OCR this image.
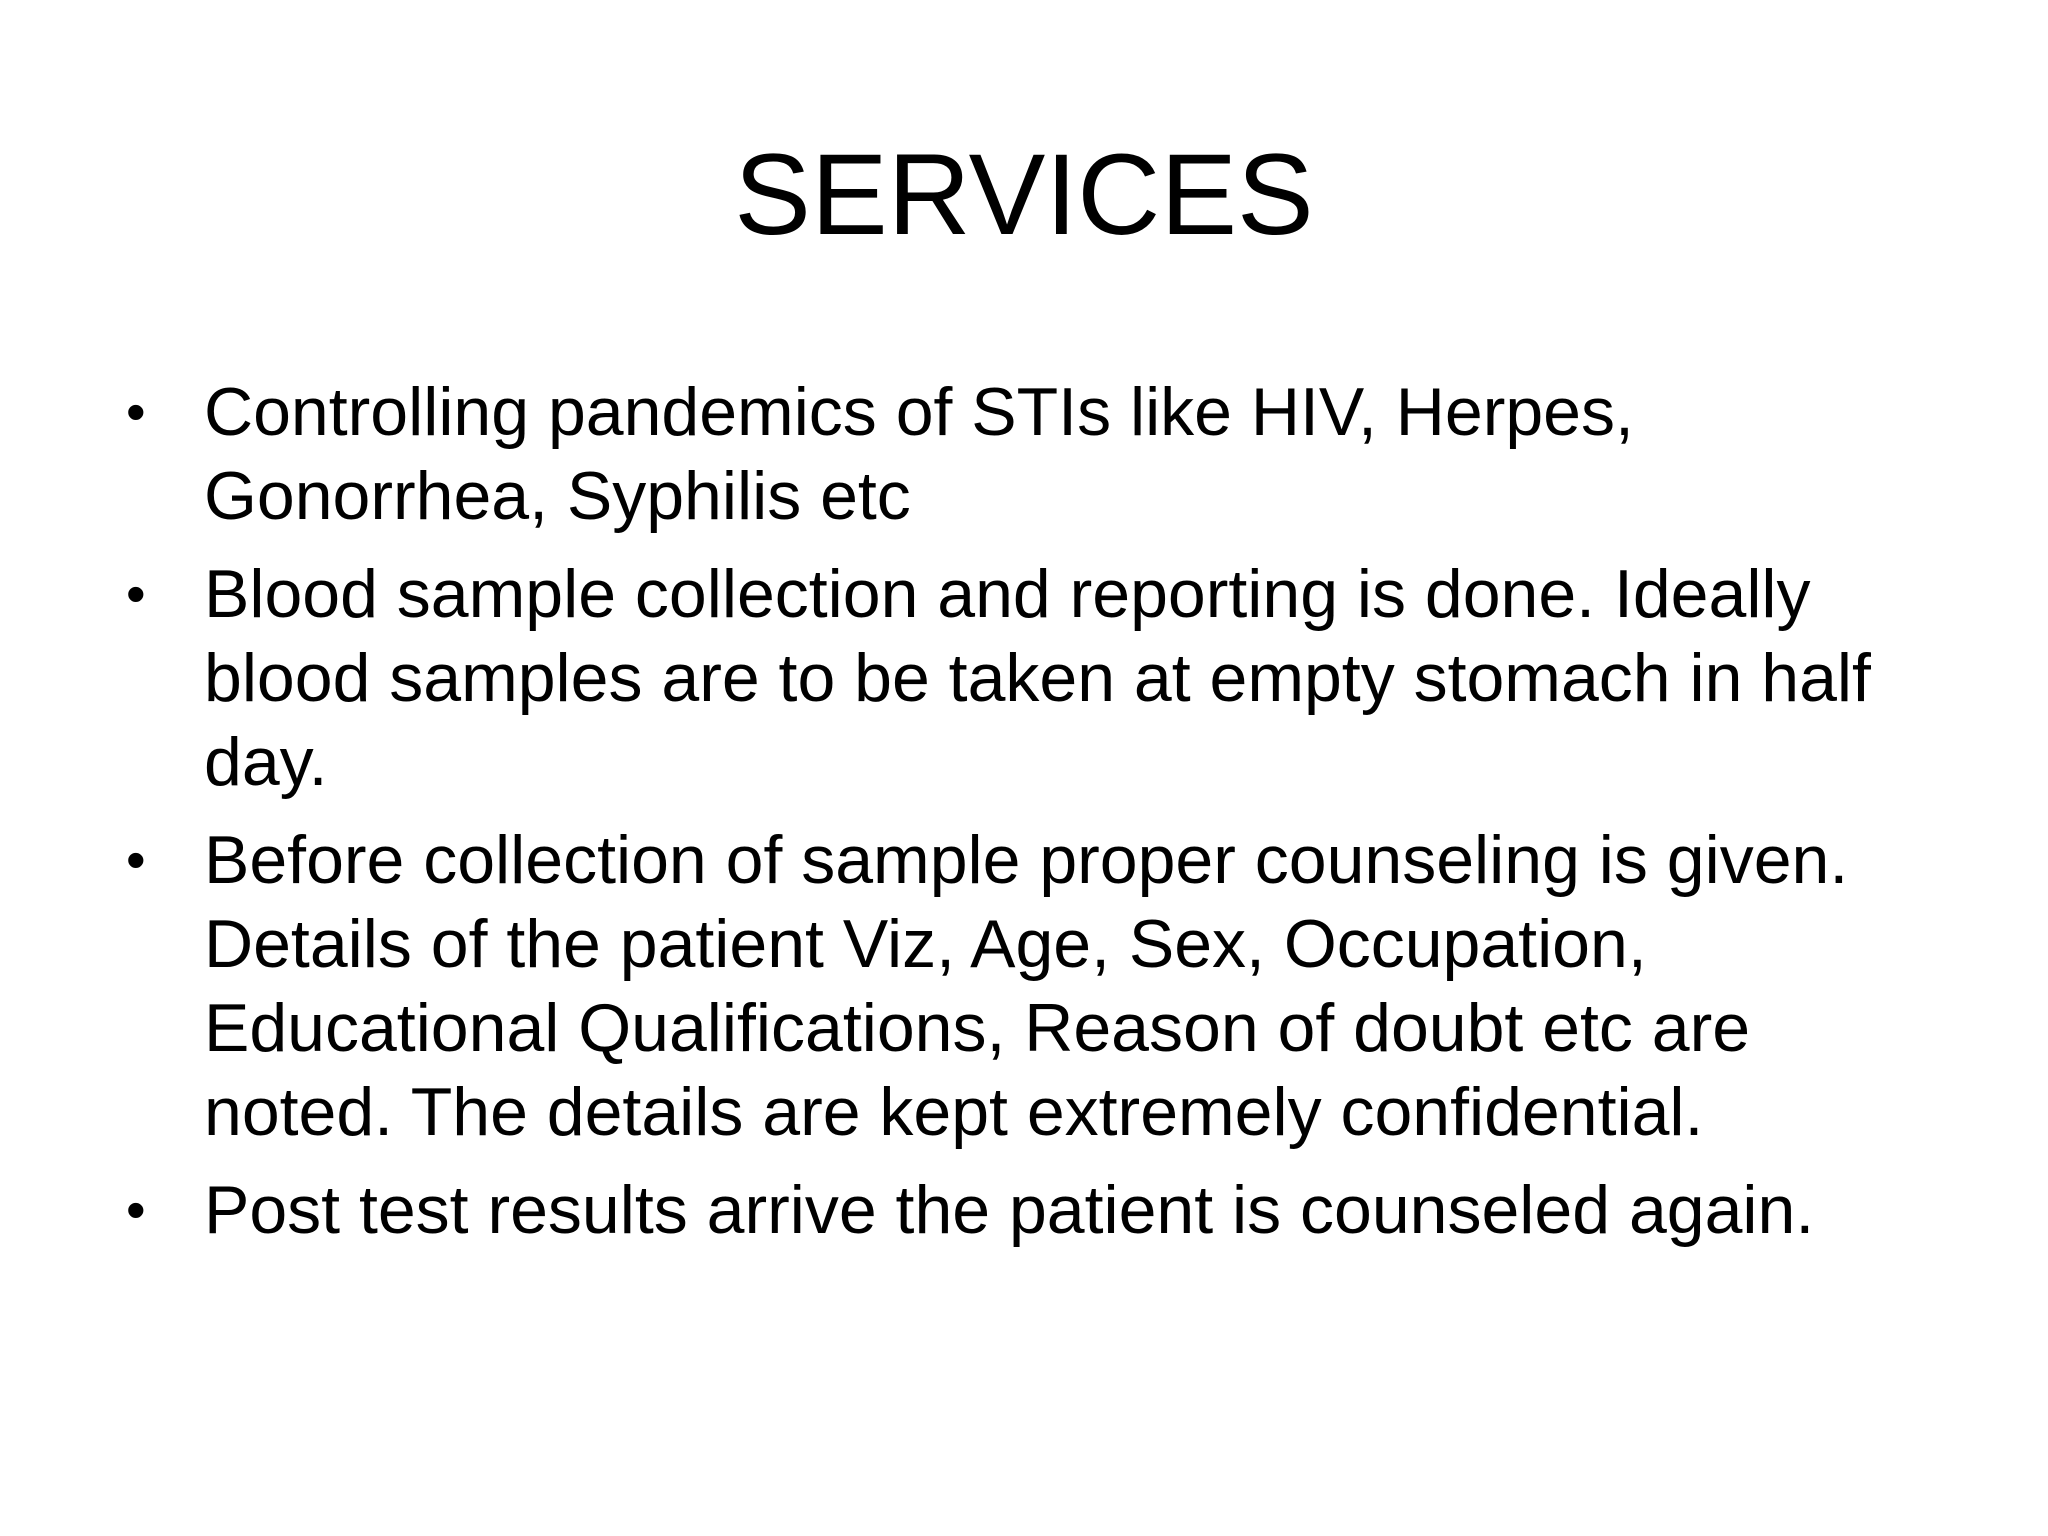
SERVICES
• Controlling pandemics of STIs like HIV, Herpes, Gonorrhea, Syphilis etc
• Blood sample collection and reporting is done. Ideally blood samples are to be taken at empty stomach in half day.
• Before collection of sample proper counseling is given. Details of the patient Viz, Age, Sex, Occupation, Educational Qualifications, Reason of doubt etc are noted. The details are kept extremely confidential.
• Post test results arrive the patient is counseled again.
